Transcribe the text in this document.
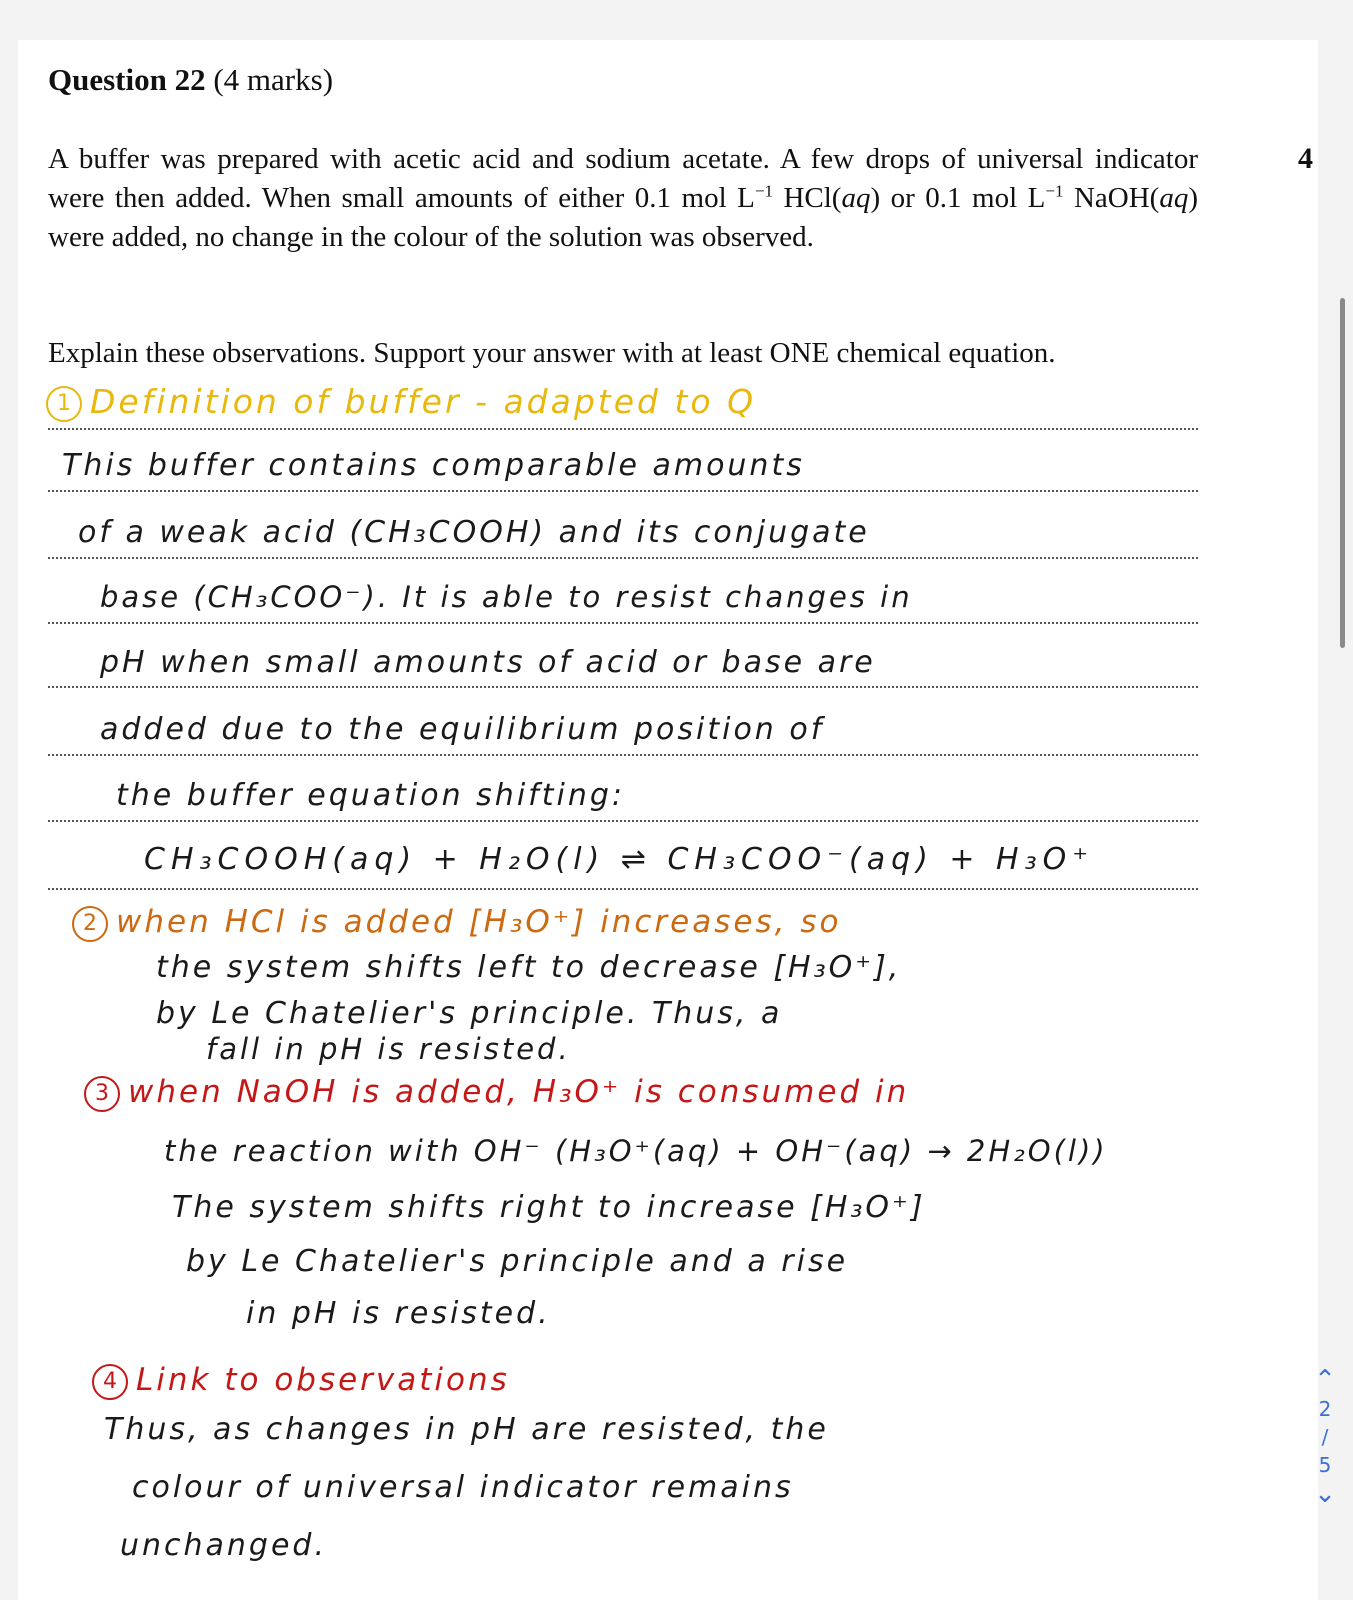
Question 22 (4 marks)
4

A buffer was prepared with acetic acid and sodium acetate. A few drops of universal indicator were then added. When small amounts of either 0.1 mol $L^{-1}$ HCl(aq) or 0.1 mol $L^{-1}$ NaOH(aq) were added, no change in the colour of the solution was observed.

Explain these observations. Support your answer with at least ONE chemical equation.

1 Definition of buffer - adapted to Q
This buffer contains comparable amounts
of a weak acid (CH₃COOH) and its conjugate
base (CH₃COO⁻). It is able to resist changes in
pH when small amounts of acid or base are
added due to the equilibrium position of
the buffer equation shifting:
CH₃COOH(aq) + H₂O(l) ⇌ CH₃COO⁻(aq) + H₃O⁺
2 when HCl is added [H₃O⁺] increases, so
the system shifts left to decrease [H₃O⁺],
by Le Chatelier's principle. Thus, a
fall in pH is resisted.
3 when NaOH is added, H₃O⁺ is consumed in
the reaction with OH⁻ (H₃O⁺(aq) + OH⁻(aq) → 2H₂O(l))
The system shifts right to increase [H₃O⁺]
by Le Chatelier's principle and a rise
in pH is resisted.
4 Link to observations
Thus, as changes in pH are resisted, the
colour of universal indicator remains
unchanged.
⌃
2
/
5
⌄
